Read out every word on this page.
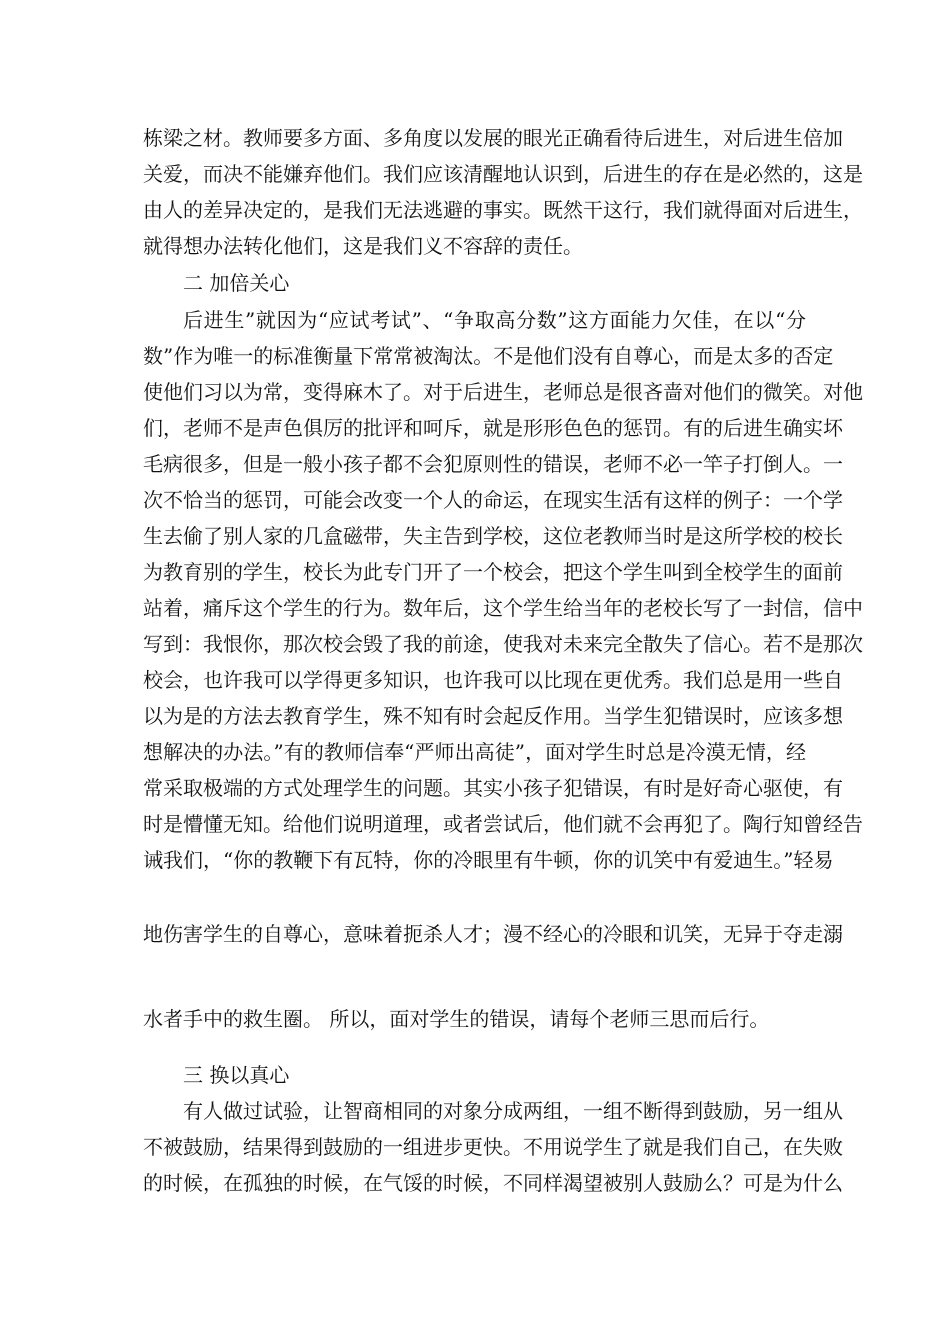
栋梁之材。教师要多方面、多角度以发展的眼光正确看待后进生，对后进生倍加
关爱，而决不能嫌弃他们。我们应该清醒地认识到，后进生的存在是必然的，这是
由人的差异决定的，是我们无法逃避的事实。既然干这行，我们就得面对后进生，
就得想办法转化他们，这是我们义不容辞的责任。
二 加倍关心
后进生”就因为“应试考试”、“争取高分数”这方面能力欠佳，在以“分
数”作为唯一的标准衡量下常常被淘汰。不是他们没有自尊心，而是太多的否定
使他们习以为常，变得麻木了。对于后进生，老师总是很吝啬对他们的微笑。对他
们，老师不是声色俱厉的批评和呵斥，就是形形色色的惩罚。有的后进生确实坏
毛病很多，但是一般小孩子都不会犯原则性的错误，老师不必一竿子打倒人。一
次不恰当的惩罚，可能会改变一个人的命运，在现实生活有这样的例子：一个学
生去偷了别人家的几盒磁带，失主告到学校，这位老教师当时是这所学校的校长
为教育别的学生，校长为此专门开了一个校会，把这个学生叫到全校学生的面前
站着，痛斥这个学生的行为。数年后，这个学生给当年的老校长写了一封信，信中
写到：我恨你，那次校会毁了我的前途，使我对未来完全散失了信心。若不是那次
校会，也许我可以学得更多知识，也许我可以比现在更优秀。我们总是用一些自
以为是的方法去教育学生，殊不知有时会起反作用。当学生犯错误时，应该多想
想解决的办法。”有的教师信奉“严师出高徒”，面对学生时总是冷漠无情，经
常采取极端的方式处理学生的问题。其实小孩子犯错误，有时是好奇心驱使，有
时是懵懂无知。给他们说明道理，或者尝试后，他们就不会再犯了。陶行知曾经告
诫我们，“你的教鞭下有瓦特，你的冷眼里有牛顿，你的讥笑中有爱迪生。”轻易
地伤害学生的自尊心，意味着扼杀人才；漫不经心的冷眼和讥笑，无异于夺走溺
水者手中的救生圈。 所以，面对学生的错误，请每个老师三思而后行。
三 换以真心
有人做过试验，让智商相同的对象分成两组，一组不断得到鼓励，另一组从
不被鼓励，结果得到鼓励的一组进步更快。不用说学生了就是我们自己，在失败
的时候，在孤独的时候，在气馁的时候，不同样渴望被别人鼓励么？可是为什么
